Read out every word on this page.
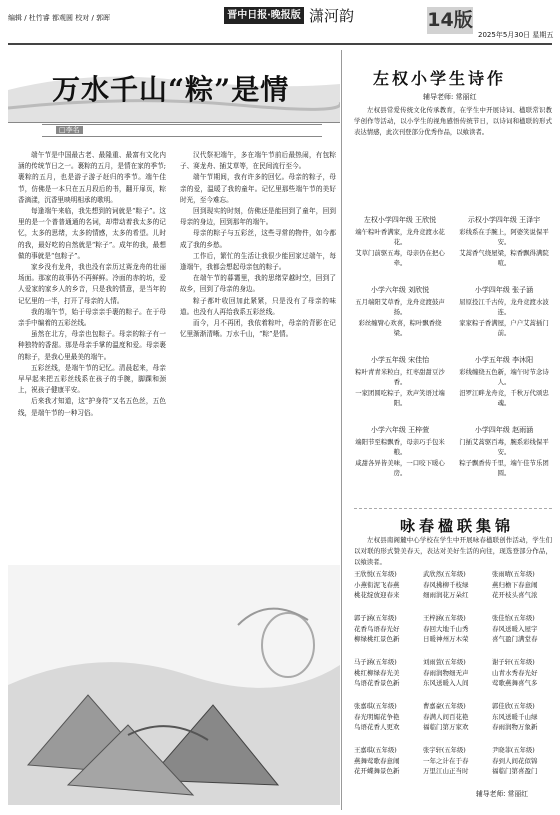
编辑 / 杜竹睿 都观圆 校对 / 郭晖	晋中日报·晚报版 潇河韵	14版
2025年5月30日 星期五
万水千山“粽”是情
□李名

端午节是中国最古老、最隆重、最富有文化内涵的传统节日之一。裹粽的五月，是情在家的季节;裹粽的五月，也是游子游子赶归的季节。端午佳节，仿佛是一本只在五月段后的书，翻开扉页，粽香滴漾，沉香里映明相承的歌明。

每逢端午来临，我先想到的词就是“粽子”。这里的是一个普普通通的名词，却带动着我太多的记忆，太多的思绪，太多的情感，太多的希望。儿时的我，最好吃的自然就是“粽子”。成年的我，最想做的事就是“包粽子”。

家乡没有龙舟，我也没有亲历过赛龙舟的壮丽场面。那家的故事仍不再鲜鲜。冷面的赤的坊，爱人爱家的家乡人的乡音，只是我的情意，是当年的记忆里的一半，打开了母亲的人情。

我的端午节，始于母亲亲手裹的粽子。在于母亲手中编着的五彩丝线。

虽然在北方，母亲也包粽子。母亲的粽子有一种独特的香甜。那是母亲手掌的温度和爱。母亲裹的粽子，是我心里最美的端午。

五彩丝线，是端午节的记忆。清晨起来，母亲早早起来把五彩丝线系在孩子的手腕，脚踝和颈上，祝孩子健康平安。

后来我才知道，这“护身符”又名五色丝，五色线，是端午节的一种习俗。

汉代祭祀端午，多在端午节前后最热闹，有包粽子、赛龙舟、插艾草等，在民间流行至今。

端午节期间，我有许多的回忆。母亲的粽子，母亲的爱，温暖了我的童年。记忆里那些端午节的美好时光，至今难忘。

回到现实的时刻，仿佛还是能回到了童年，回到母亲的身边，回到那年的端午。

母亲的粽子与五彩丝，这些寻常的物件，如今都成了我的乡愁。

工作后，繁忙的生活让我很少能回家过端午，每逢端午，我都会想起母亲包的粽子。

在端午节的暮霭里，我的思绪穿越时空，回到了故乡，回到了母亲的身边。

粽子都叶收回加此紧紧，只是没有了母亲的味道。也没有人再给我系五彩丝线。

而今，月不再团，我依着粽叶，母亲的背影在记忆里渐渐清晰。万水千山，“粽”是情。

左权小学生诗作
辅导老师: 常丽红
左权县常爱传统文化传承教育，在学生中开展诗词、楹联常识教学创作等活动，以小学生的视角感悟传统节日，以诗词和楹联的形式表达情感，此次刊登部分优秀作品，以飨读者。
左权小学四年级 王欣悦
端午粽叶香满家，龙舟竞渡水花花。
艾草门前驱五毒，母亲仍在把心牵。
示权小学四年级 王泽宇
彩线系在手腕上，阿婆笑说保平安。
艾蒿香气绕屋梁，粽香飘得满院喧。
小学六年级 刘欣悦
五月端阳艾草香，龙舟竞渡鼓声扬。
彩丝缠臂心欢喜，粽叶飘香绕梁。
小学四年级 张子涵
屈原投江千古传，龙舟竞渡水波连。
家家粽子香满屋，户户艾蒿插门前。
小学五年级 宋佳怡
粽叶青青米粒白，红枣甜甜豆沙香。
一家团圆吃粽子，欢声笑语过端阳。
小学五年级 李沐阳
彩线缠绕五色新，端午时节念诗人。
汨罗江畔龙舟竞，千秋万代颂忠魂。
小学六年级 王梓萱
端阳节至粽飘香，母亲巧手包米粮。
咸甜各异皆美味，一口咬下暖心房。
小学四年级 赵雨涵
门插艾蒿驱百毒，腕系彩线保平安。
粽子飘香传千里，端午佳节乐团圆。
咏春楹联集锦
左权县南阁麓中心学校在学生中开展咏春楹联创作活动，学生们以对联的形式赞美春天，表达对美好生活的向往，现选登部分作品，以飨读者。
王欣悦(五年级)
小燕衔泥飞春燕
桃花绽放迎春来
武欣然(五年级)
春风拂柳千枝绿
细雨润花万朵红
张雨晴(五年级)
燕归檐下春意闹
花开枝头喜气浓
郭子涵(五年级)
花香鸟语春光好
柳绿桃红景色新
王梓涵(五年级)
春回大地千山秀
日暖神州万木荣
张佳怡(五年级)
春风送暖入屋宇
喜气盈门满堂春
马子涵(五年级)
桃红柳绿春光美
鸟语花香景色新
刘雨萱(五年级)
春雨润物细无声
东风送暖入人间
谢子轩(五年级)
山青水秀春光好
莺歌燕舞喜气多
张嘉琪(五年级)
春光明媚花争艳
鸟语花香人更欢
曹嘉豪(五年级)
春满人间百花艳
福临门第万家欢
郭佳欣(五年级)
东风送暖千山绿
春雨润物万象新
王嘉琪(五年级)
燕舞莺歌春意闹
花开蝶舞景色新
张宇轩(五年级)
一年之计在于春
万里江山正当时
尹晓菲(五年级)
春到人间花似锦
福临门第喜盈门
辅导老师: 常丽红
